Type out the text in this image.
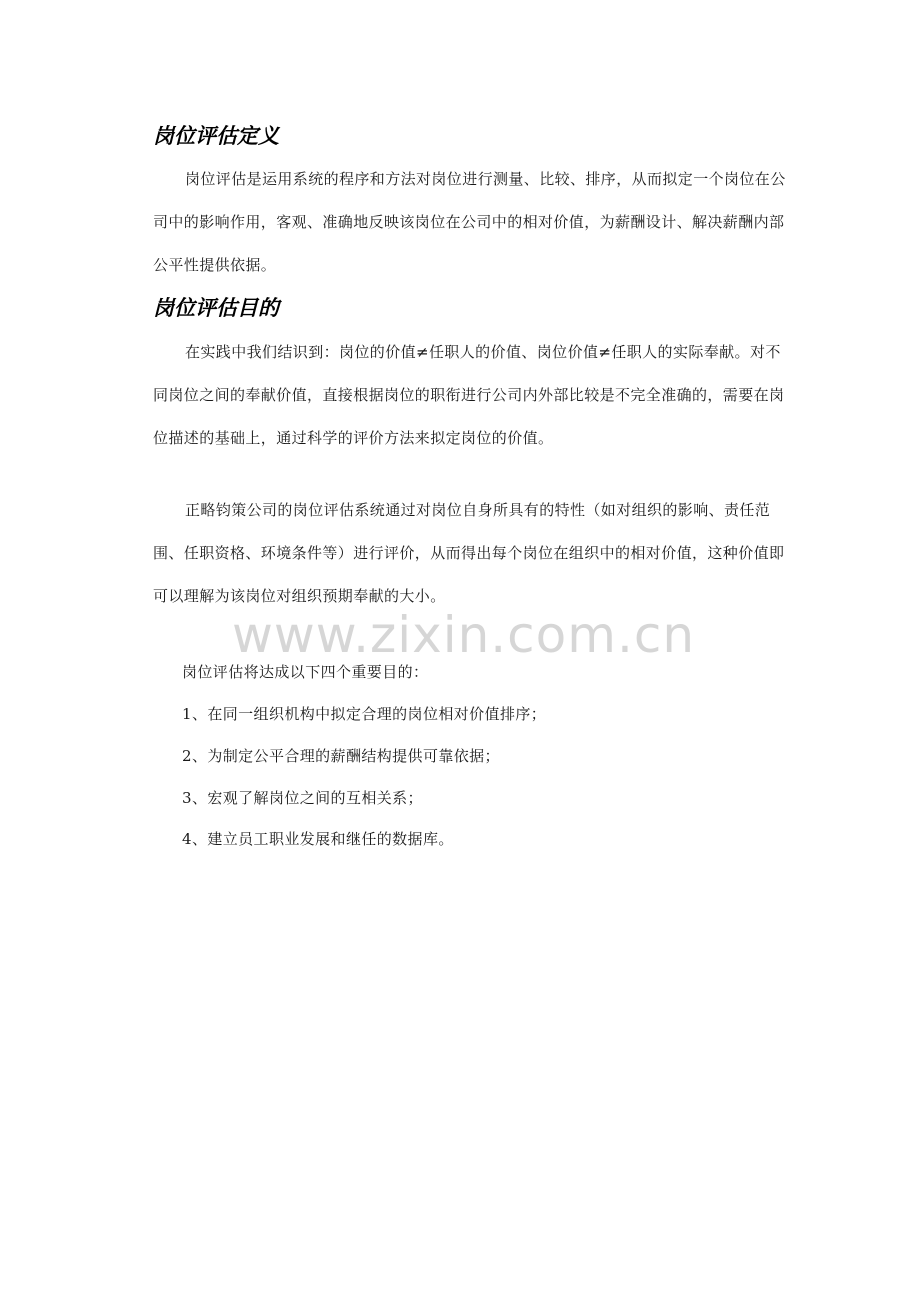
岗位评估定义

岗位评估是运用系统的程序和方法对岗位进行测量、比较、排序，从而拟定一个岗位在公司中的影响作用，客观、准确地反映该岗位在公司中的相对价值，为薪酬设计、解决薪酬内部公平性提供依据。

岗位评估目的

在实践中我们结识到：岗位的价值≠任职人的价值、岗位价值≠任职人的实际奉献。对不同岗位之间的奉献价值，直接根据岗位的职衔进行公司内外部比较是不完全准确的，需要在岗位描述的基础上，通过科学的评价方法来拟定岗位的价值。

正略钧策公司的岗位评估系统通过对岗位自身所具有的特性（如对组织的影响、责任范围、任职资格、环境条件等）进行评价，从而得出每个岗位在组织中的相对价值，这种价值即可以理解为该岗位对组织预期奉献的大小。

www.zixin.com.cn

岗位评估将达成以下四个重要目的：

1、在同一组织机构中拟定合理的岗位相对价值排序；

2、为制定公平合理的薪酬结构提供可靠依据；

3、宏观了解岗位之间的互相关系；

4、建立员工职业发展和继任的数据库。
